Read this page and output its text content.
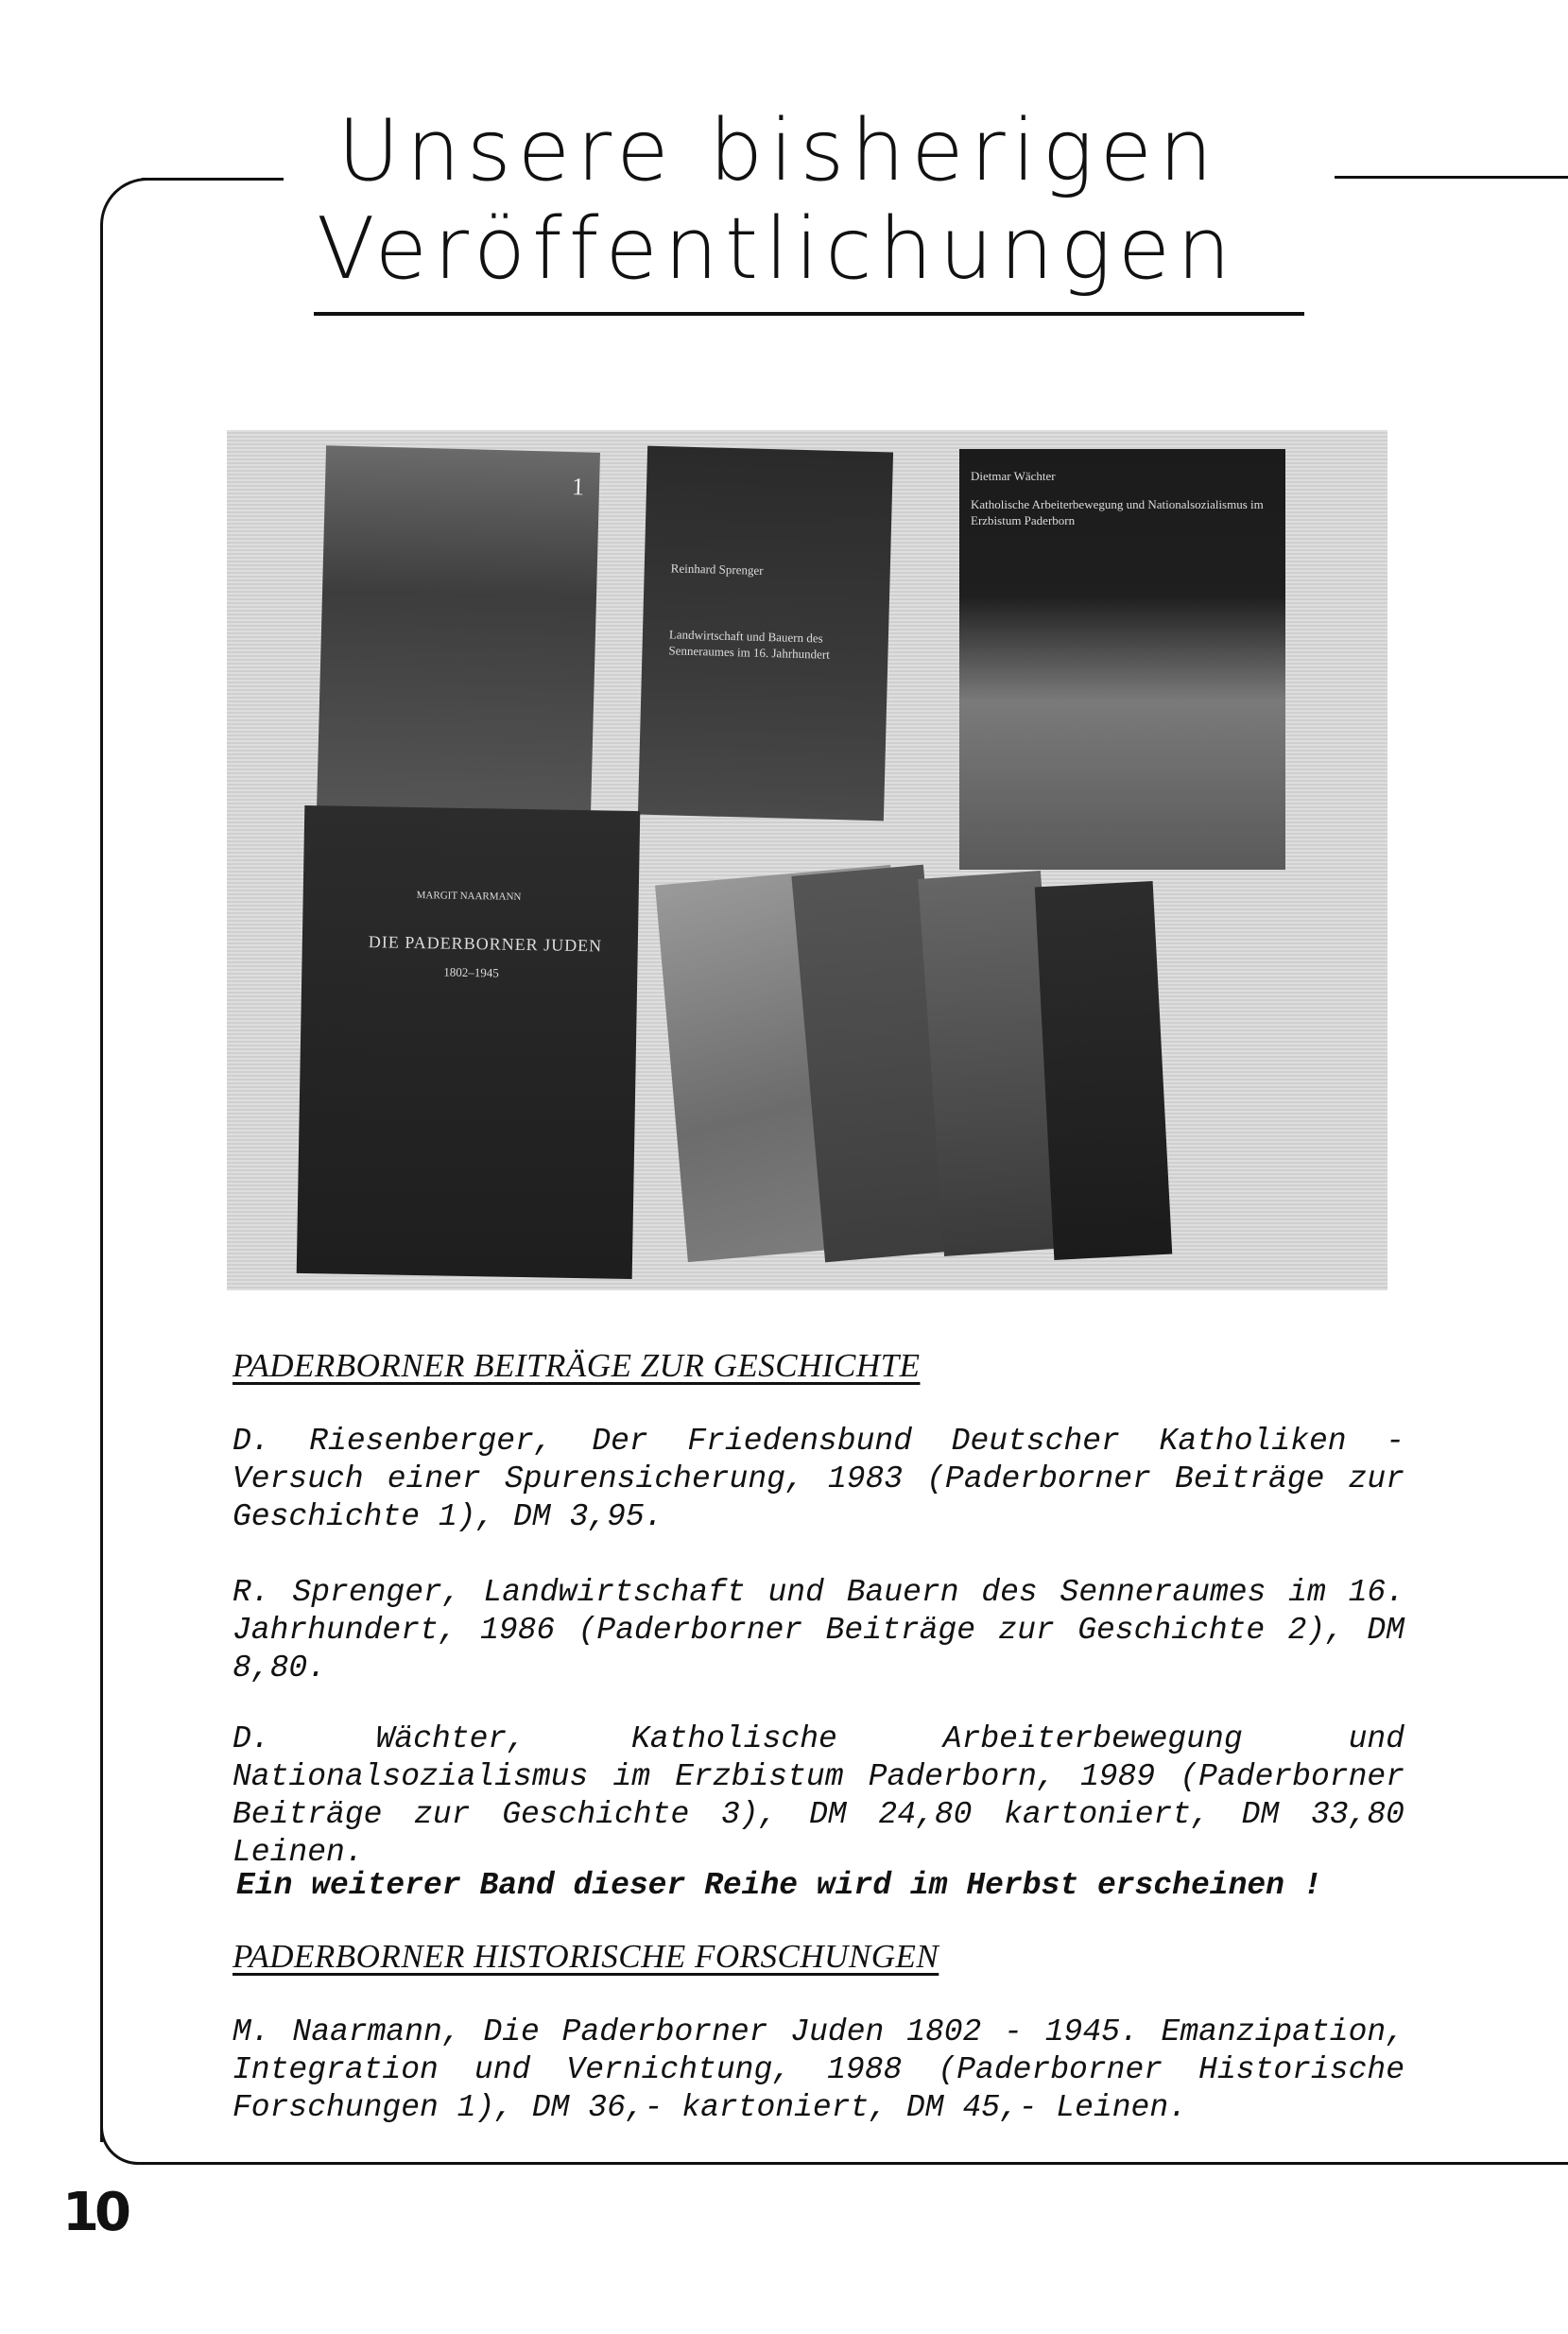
Unsere bisherigen
Veröffentlichungen
1
Reinhard Sprenger
Landwirtschaft und Bauern des Senneraumes im 16. Jahrhundert
Dietmar Wächter
Katholische Arbeiterbewegung und Nationalsozialismus im Erzbistum Paderborn
MARGIT NAARMANN
DIE PADERBORNER JUDEN
1802–1945
PADERBORNER BEITRÄGE ZUR GESCHICHTE
D. Riesenberger, Der Friedensbund Deutscher Katholiken - Versuch einer Spurensicherung, 1983 (Paderborner Beiträge zur Geschichte 1), DM 3,95.
R. Sprenger, Landwirtschaft und Bauern des Senneraumes im 16. Jahrhundert, 1986 (Paderborner Beiträge zur Geschichte 2), DM 8,80.
D. Wächter, Katholische Arbeiterbewegung und Nationalsozialismus im Erzbistum Paderborn, 1989 (Paderborner Beiträge zur Geschichte 3), DM 24,80 kartoniert, DM 33,80 Leinen.
Ein weiterer Band dieser Reihe wird im Herbst erscheinen !
PADERBORNER HISTORISCHE FORSCHUNGEN
M. Naarmann, Die Paderborner Juden 1802 - 1945. Emanzipation, Integration und Vernichtung, 1988 (Paderborner Historische Forschungen 1), DM 36,- kartoniert, DM 45,- Leinen.
10
